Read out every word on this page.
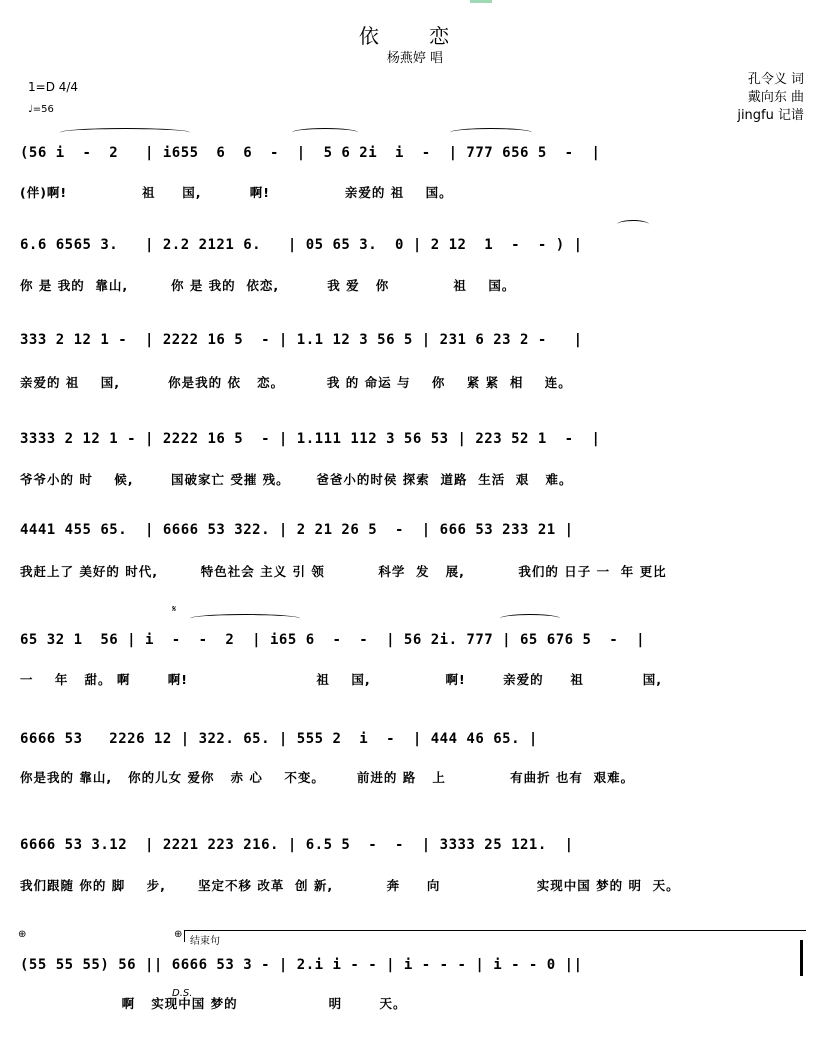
依 恋
杨燕婷 唱
孔令义 词
戴向东 曲
jingfu 记谱
1=D 4/4
♩=56
(56 i  -  2   | i655  6  6  -  |  5 6 2i  i  -  | 777 656 5  -  |
(伴)啊!              祖     国,         啊!              亲爱的 祖    国。
6.6 6565 3.   | 2.2 2121 6.   | 05 65 3.  0 | 2 12  1  -  - ) |
你 是 我的  靠山,        你 是 我的  依恋,         我 爱   你            祖    国。
333 2 12 1 -  | 2222 16 5  - | 1.1 12 3 56 5 | 231 6 23 2 -   |
亲爱的 祖    国,         你是我的 依   恋。        我 的 命运 与    你    紧 紧  相    连。
3333 2 12 1 - | 2222 16 5  - | 1.111 112 3 56 53 | 223 52 1  -  |
爷爷小的 时    候,       国破家亡 受摧 残。     爸爸小的时侯 探索  道路  生活  艰   难。
4441 455 65.  | 6666 53 322. | 2 21 26 5  -  | 666 53 233 21 |
我赶上了 美好的 时代,        特色社会 主义 引 领          科学  发   展,          我们的 日子 一  年 更比
65 32 1  56 | i  -  -  2  | i65 6  -  -  | 56 2i. 777 | 65 676 5  -  |
一    年   甜。 啊       啊!                        祖    国,              啊!       亲爱的     祖           国,
𝄋
6666 53   2226 12 | 322. 65. | 555 2  i  -  | 444 46 65. |
你是我的 靠山,   你的儿女 爱你   赤 心    不变。      前进的 路   上            有曲折 也有  艰难。
6666 53 3.12  | 2221 223 216. | 6.5 5  -  -  | 3333 25 121.  |
我们跟随 你的 脚    步,      坚定不移 改革  创 新,          奔     向                  实现中国 梦的 明  天。
(55 55 55) 56 || 6666 53 3 - | 2.i i - - | i - - - | i - - 0 ||
啊   实现中国 梦的                 明       天。
⊕	⊕
结束句
D.S.
